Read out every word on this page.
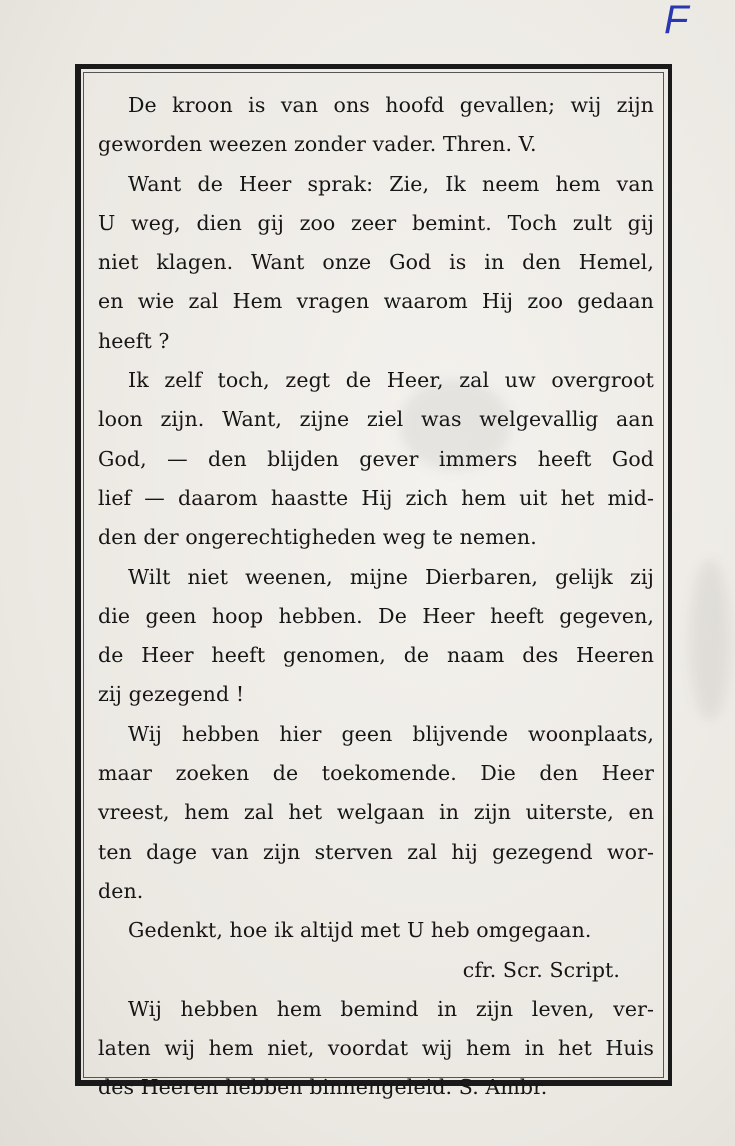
F
De kroon is van ons hoofd gevallen; wij zijn
geworden weezen zonder vader. Thren. V.
Want de Heer sprak: Zie, Ik neem hem van
U weg, dien gij zoo zeer bemint. Toch zult gij
niet klagen. Want onze God is in den Hemel,
en wie zal Hem vragen waarom Hij zoo gedaan
heeft ?
Ik zelf toch, zegt de Heer, zal uw overgroot
loon zijn. Want, zijne ziel was welgevallig aan
God, — den blijden gever immers heeft God
lief — daarom haastte Hij zich hem uit het mid-
den der ongerechtigheden weg te nemen.
Wilt niet weenen, mijne Dierbaren, gelijk zij
die geen hoop hebben. De Heer heeft gegeven,
de Heer heeft genomen, de naam des Heeren
zij gezegend !
Wij hebben hier geen blijvende woonplaats,
maar zoeken de toekomende. Die den Heer
vreest, hem zal het welgaan in zijn uiterste, en
ten dage van zijn sterven zal hij gezegend wor-
den.
Gedenkt, hoe ik altijd met U heb omgegaan.
cfr. Scr. Script.
Wij hebben hem bemind in zijn leven, ver-
laten wij hem niet, voordat wij hem in het Huis
des Heeren hebben binnengeleid. S. Ambr.
